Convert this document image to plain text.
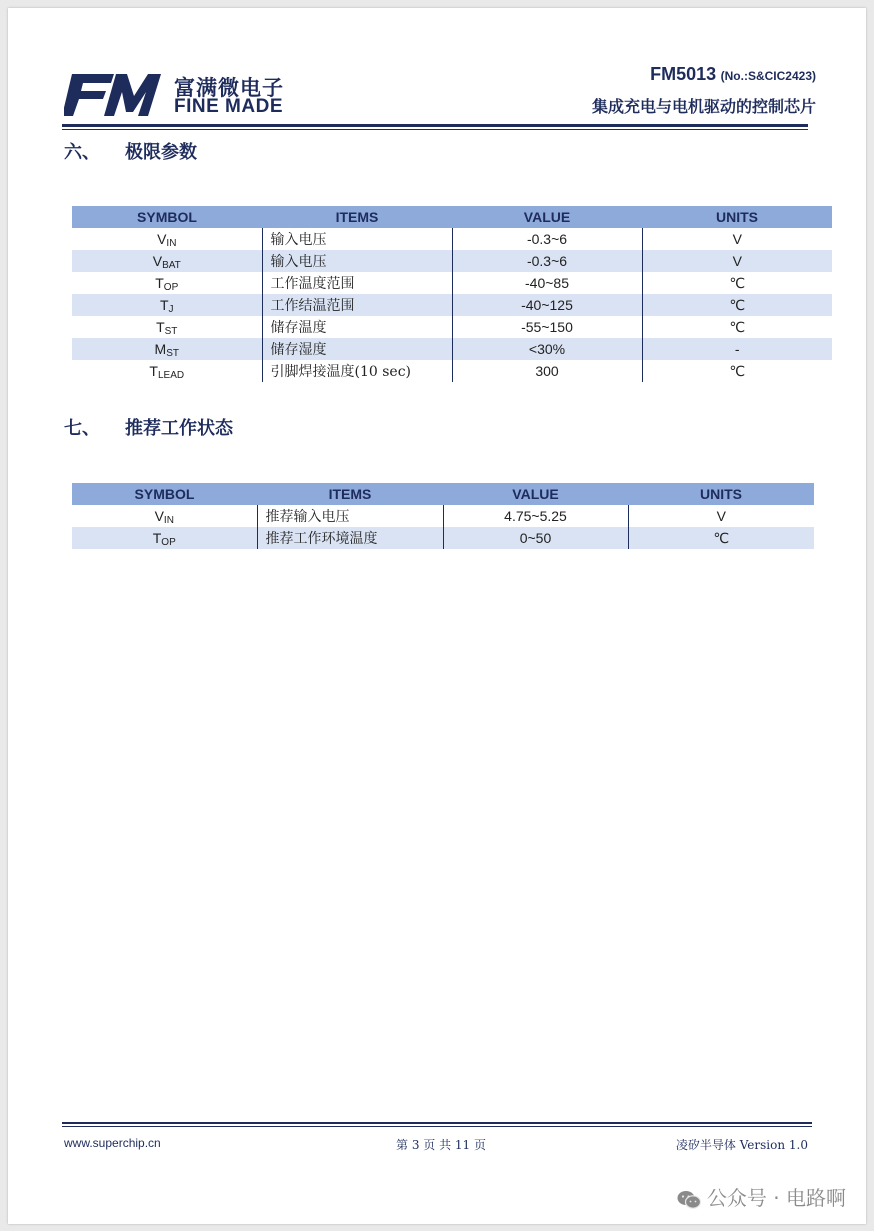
富满微电子
FINE MADE
FM5013 (No.:S&CIC2423)
集成充电与电机驱动的控制芯片
六、 极限参数
SYMBOL	ITEMS	VALUE	UNITS
$V_{IN}$	输入电压	-0.3~6	V
$V_{BAT}$	输入电压	-0.3~6	V
$T_{OP}$	工作温度范围	-40~85	℃
$T_J$	工作结温范围	-40~125	℃
$T_{ST}$	储存温度	-55~150	℃
$M_{ST}$	储存湿度	<30%	-
$T_{LEAD}$	引脚焊接温度(10 sec)	300	℃
七、 推荐工作状态
SYMBOL	ITEMS	VALUE	UNITS
$V_{IN}$	推荐输入电压	4.75~5.25	V
$T_{OP}$	推荐工作环境温度	0~50	℃
www.superchip.cn	第 3 页 共 11 页	凌矽半导体 Version 1.0
公众号 · 电路啊
